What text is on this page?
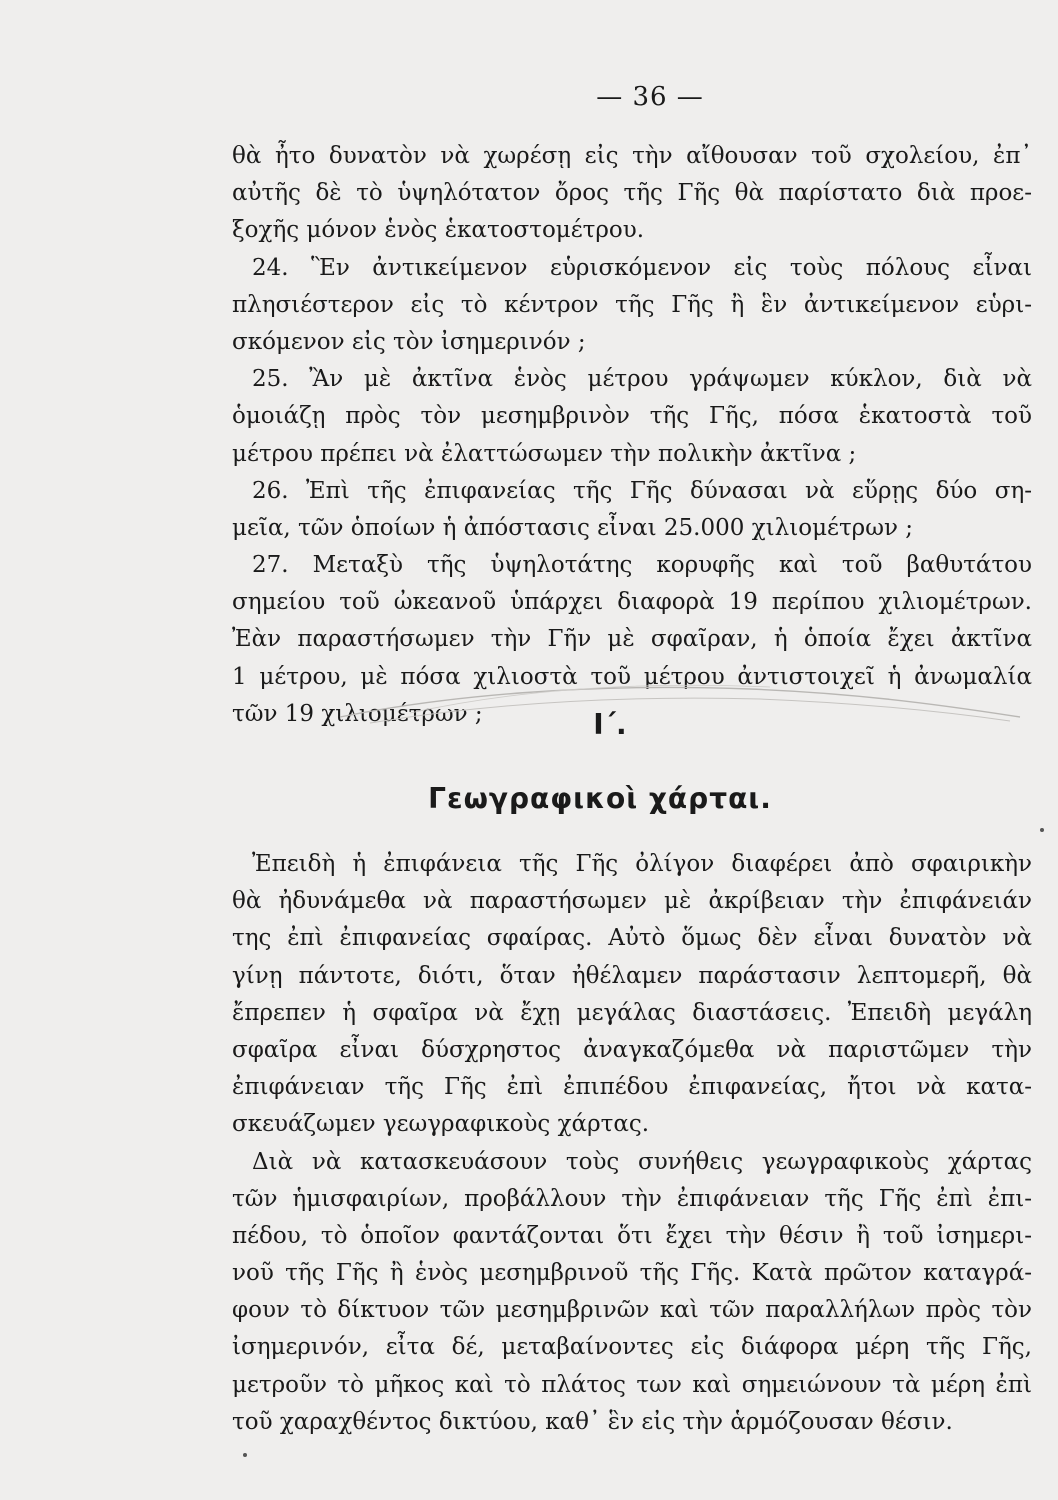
— 36 —
θὰ ἦτο δυνατὸν νὰ χωρέσῃ εἰς τὴν αἴθουσαν τοῦ σχολείου, ἐπ᾽
αὐτῆς δὲ τὸ ὑψηλότατον ὄρος τῆς Γῆς θὰ παρίστατο διὰ προε-
ξοχῆς μόνον ἑνὸς ἑκατοστομέτρου.
24. Ἓν ἀντικείμενον εὑρισκόμενον εἰς τοὺς πόλους εἶναι
πλησιέστερον εἰς τὸ κέντρον τῆς Γῆς ἢ ἓν ἀντικείμενον εὑρι-
σκόμενον εἰς τὸν ἰσημερινόν ;
25. Ἂν μὲ ἀκτῖνα ἑνὸς μέτρου γράψωμεν κύκλον, διὰ νὰ
ὁμοιάζῃ πρὸς τὸν μεσημβρινὸν τῆς Γῆς, πόσα ἑκατοστὰ τοῦ
μέτρου πρέπει νὰ ἐλαττώσωμεν τὴν πολικὴν ἀκτῖνα ;
26. Ἐπὶ τῆς ἐπιφανείας τῆς Γῆς δύνασαι νὰ εὕρῃς δύο ση-
μεῖα, τῶν ὁποίων ἡ ἀπόστασις εἶναι 25.000 χιλιομέτρων ;
27. Μεταξὺ τῆς ὑψηλοτάτης κορυφῆς καὶ τοῦ βαθυτάτου
σημείου τοῦ ὠκεανοῦ ὑπάρχει διαφορὰ 19 περίπου χιλιομέτρων.
Ἐὰν παραστήσωμεν τὴν Γῆν μὲ σφαῖραν, ἡ ὁποία ἔχει ἀκτῖνα
1 μέτρου, μὲ πόσα χιλιοστὰ τοῦ μέτρου ἀντιστοιχεῖ ἡ ἀνωμαλία
τῶν 19 χιλιομέτρων ;	Ι΄.
Γεωγραφικοὶ χάρται.
Ἐπειδὴ ἡ ἐπιφάνεια τῆς Γῆς ὀλίγον διαφέρει ἀπὸ σφαιρικὴν
θὰ ἠδυνάμεθα νὰ παραστήσωμεν μὲ ἀκρίβειαν τὴν ἐπιφάνειάν
της ἐπὶ ἐπιφανείας σφαίρας. Αὐτὸ ὅμως δὲν εἶναι δυνατὸν νὰ
γίνῃ πάντοτε, διότι, ὅταν ἠθέλαμεν παράστασιν λεπτομερῆ, θὰ
ἔπρεπεν ἡ σφαῖρα νὰ ἔχῃ μεγάλας διαστάσεις. Ἐπειδὴ μεγάλη
σφαῖρα εἶναι δύσχρηστος ἀναγκαζόμεθα νὰ παριστῶμεν τὴν
ἐπιφάνειαν τῆς Γῆς ἐπὶ ἐπιπέδου ἐπιφανείας, ἤτοι νὰ κατα-
σκευάζωμεν γεωγραφικοὺς χάρτας.
Διὰ νὰ κατασκευάσουν τοὺς συνήθεις γεωγραφικοὺς χάρτας
τῶν ἡμισφαιρίων, προβάλλουν τὴν ἐπιφάνειαν τῆς Γῆς ἐπὶ ἐπι-
πέδου, τὸ ὁποῖον φαντάζονται ὅτι ἔχει τὴν θέσιν ἢ τοῦ ἰσημερι-
νοῦ τῆς Γῆς ἢ ἑνὸς μεσημβρινοῦ τῆς Γῆς. Κατὰ πρῶτον καταγρά-
φουν τὸ δίκτυον τῶν μεσημβρινῶν καὶ τῶν παραλλήλων πρὸς τὸν
ἰσημερινόν, εἶτα δέ, μεταβαίνοντες εἰς διάφορα μέρη τῆς Γῆς,
μετροῦν τὸ μῆκος καὶ τὸ πλάτος των καὶ σημειώνουν τὰ μέρη ἐπὶ
τοῦ χαραχθέντος δικτύου, καθ᾽ ἓν εἰς τὴν ἁρμόζουσαν θέσιν.
